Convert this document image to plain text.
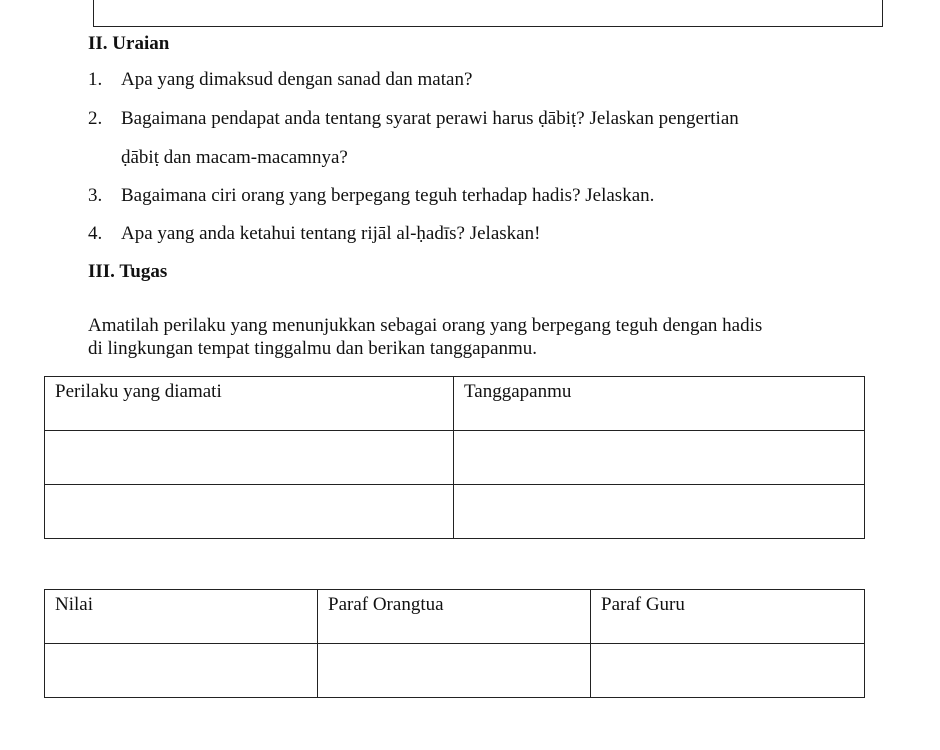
II. Uraian
1. Apa yang dimaksud dengan sanad dan matan?
2. Bagaimana pendapat anda tentang syarat perawi harus ḍābiṭ? Jelaskan pengertian
ḍābiṭ dan macam-macamnya?
3. Bagaimana ciri orang yang berpegang teguh terhadap hadis? Jelaskan.
4. Apa yang anda ketahui tentang rijāl al-ḥadīs? Jelaskan!
III. Tugas
Amatilah perilaku yang menunjukkan sebagai orang yang berpegang teguh dengan hadis
di lingkungan tempat tinggalmu dan berikan tanggapanmu.
Perilaku yang diamati	Tanggapanmu

Nilai	Paraf Orangtua	Paraf Guru
